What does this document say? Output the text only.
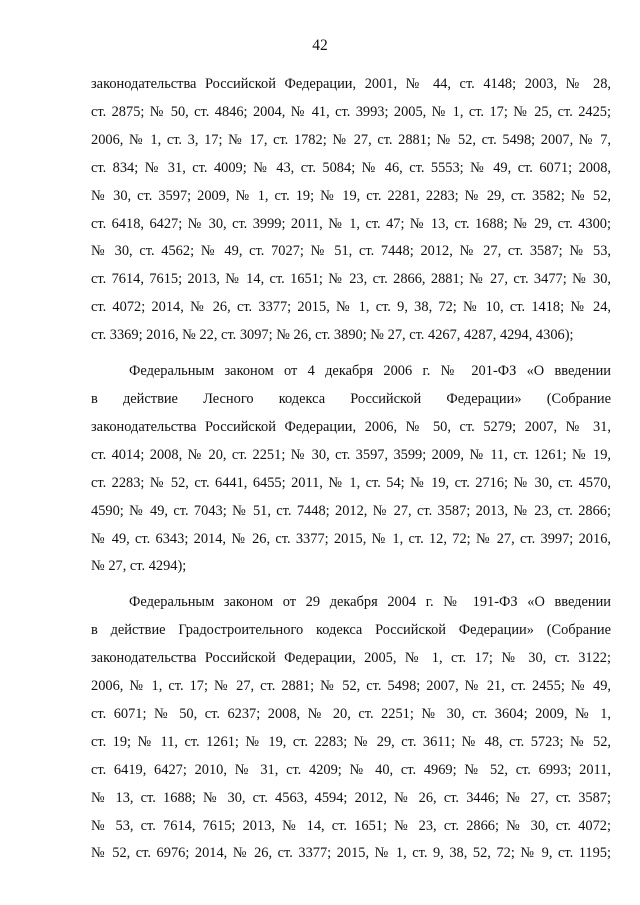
42

законодательства Российской Федерации, 2001, № 44, ст. 4148; 2003, № 28,
ст. 2875; № 50, ст. 4846; 2004, № 41, ст. 3993; 2005, № 1, ст. 17; № 25, ст. 2425;
2006, № 1, ст. 3, 17; № 17, ст. 1782; № 27, ст. 2881; № 52, ст. 5498; 2007, № 7,
ст. 834; № 31, ст. 4009; № 43, ст. 5084; № 46, ст. 5553; № 49, ст. 6071; 2008,
№ 30, ст. 3597; 2009, № 1, ст. 19; № 19, ст. 2281, 2283; № 29, ст. 3582; № 52,
ст. 6418, 6427; № 30, ст. 3999; 2011, № 1, ст. 47; № 13, ст. 1688; № 29, ст. 4300;
№ 30, ст. 4562; № 49, ст. 7027; № 51, ст. 7448; 2012, № 27, ст. 3587; № 53,
ст. 7614, 7615; 2013, № 14, ст. 1651; № 23, ст. 2866, 2881; № 27, ст. 3477; № 30,
ст. 4072; 2014, № 26, ст. 3377; 2015, № 1, ст. 9, 38, 72; № 10, ст. 1418; № 24,
ст. 3369; 2016, № 22, ст. 3097; № 26, ст. 3890; № 27, ст. 4267, 4287, 4294, 4306);

Федеральным законом от 4 декабря 2006 г. № 201-ФЗ «О введении
в действие Лесного кодекса Российской Федерации» (Собрание
законодательства Российской Федерации, 2006, № 50, ст. 5279; 2007, № 31,
ст. 4014; 2008, № 20, ст. 2251; № 30, ст. 3597, 3599; 2009, № 11, ст. 1261; № 19,
ст. 2283; № 52, ст. 6441, 6455; 2011, № 1, ст. 54; № 19, ст. 2716; № 30, ст. 4570,
4590; № 49, ст. 7043; № 51, ст. 7448; 2012, № 27, ст. 3587; 2013, № 23, ст. 2866;
№ 49, ст. 6343; 2014, № 26, ст. 3377; 2015, № 1, ст. 12, 72; № 27, ст. 3997; 2016,
№ 27, ст. 4294);

Федеральным законом от 29 декабря 2004 г. № 191-ФЗ «О введении
в действие Градостроительного кодекса Российской Федерации» (Собрание
законодательства Российской Федерации, 2005, № 1, ст. 17; № 30, ст. 3122;
2006, № 1, ст. 17; № 27, ст. 2881; № 52, ст. 5498; 2007, № 21, ст. 2455; № 49,
ст. 6071; № 50, ст. 6237; 2008, № 20, ст. 2251; № 30, ст. 3604; 2009, № 1,
ст. 19; № 11, ст. 1261; № 19, ст. 2283; № 29, ст. 3611; № 48, ст. 5723; № 52,
ст. 6419, 6427; 2010, № 31, ст. 4209; № 40, ст. 4969; № 52, ст. 6993; 2011,
№ 13, ст. 1688; № 30, ст. 4563, 4594; 2012, № 26, ст. 3446; № 27, ст. 3587;
№ 53, ст. 7614, 7615; 2013, № 14, ст. 1651; № 23, ст. 2866; № 30, ст. 4072;
№ 52, ст. 6976; 2014, № 26, ст. 3377; 2015, № 1, ст. 9, 38, 52, 72; № 9, ст. 1195;
